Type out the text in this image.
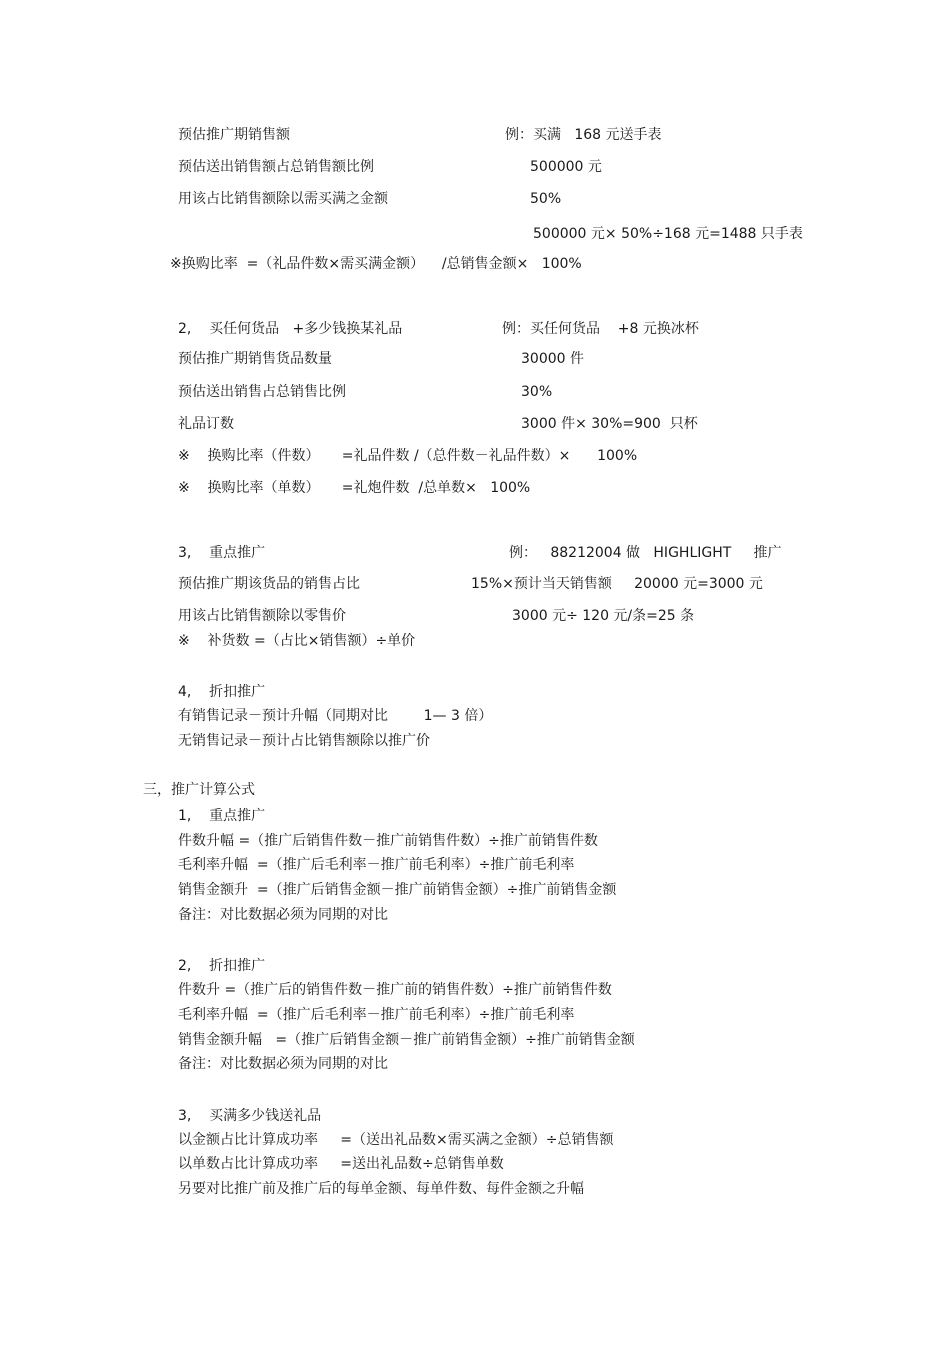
预估推广期销售额	例：买满   168 元送手表
预估送出销售额占总销售额比例	500000 元
用该占比销售额除以需买满之金额	50%
500000 元× 50%÷168 元=1488 只手表
※换购比率  =（礼品件数×需买满金额）    /总销售金额×   100%
2,    买任何货品   +多少钱换某礼品	例：买任何货品    +8 元换冰杯
预估推广期销售货品数量	30000 件
预估送出销售占总销售比例	30%
礼品订数	3000 件× 30%=900  只杯
※    换购比率（件数）     =礼品件数 /（总件数－礼品件数）×      100%
※    换购比率（单数）     =礼炮件数  /总单数×   100%
3,    重点推广	例：   88212004 做   HIGHLIGHT     推广
预估推广期该货品的销售占比	15%×预计当天销售额     20000 元=3000 元
用该占比销售额除以零售价	3000 元÷ 120 元/条=25 条
※    补货数 =（占比×销售额）÷单价
4,    折扣推广
有销售记录－预计升幅（同期对比        1— 3 倍）
无销售记录－预计占比销售额除以推广价
三，推广计算公式
1,    重点推广
件数升幅 =（推广后销售件数－推广前销售件数）÷推广前销售件数
毛利率升幅  =（推广后毛利率－推广前毛利率）÷推广前毛利率
销售金额升  =（推广后销售金额－推广前销售金额）÷推广前销售金额
备注：对比数据必须为同期的对比
2,    折扣推广
件数升 =（推广后的销售件数－推广前的销售件数）÷推广前销售件数
毛利率升幅  =（推广后毛利率－推广前毛利率）÷推广前毛利率
销售金额升幅   =（推广后销售金额－推广前销售金额）÷推广前销售金额
备注：对比数据必须为同期的对比
3,    买满多少钱送礼品
以金额占比计算成功率     =（送出礼品数×需买满之金额）÷总销售额
以单数占比计算成功率     =送出礼品数÷总销售单数
另要对比推广前及推广后的每单金额、每单件数、每件金额之升幅
